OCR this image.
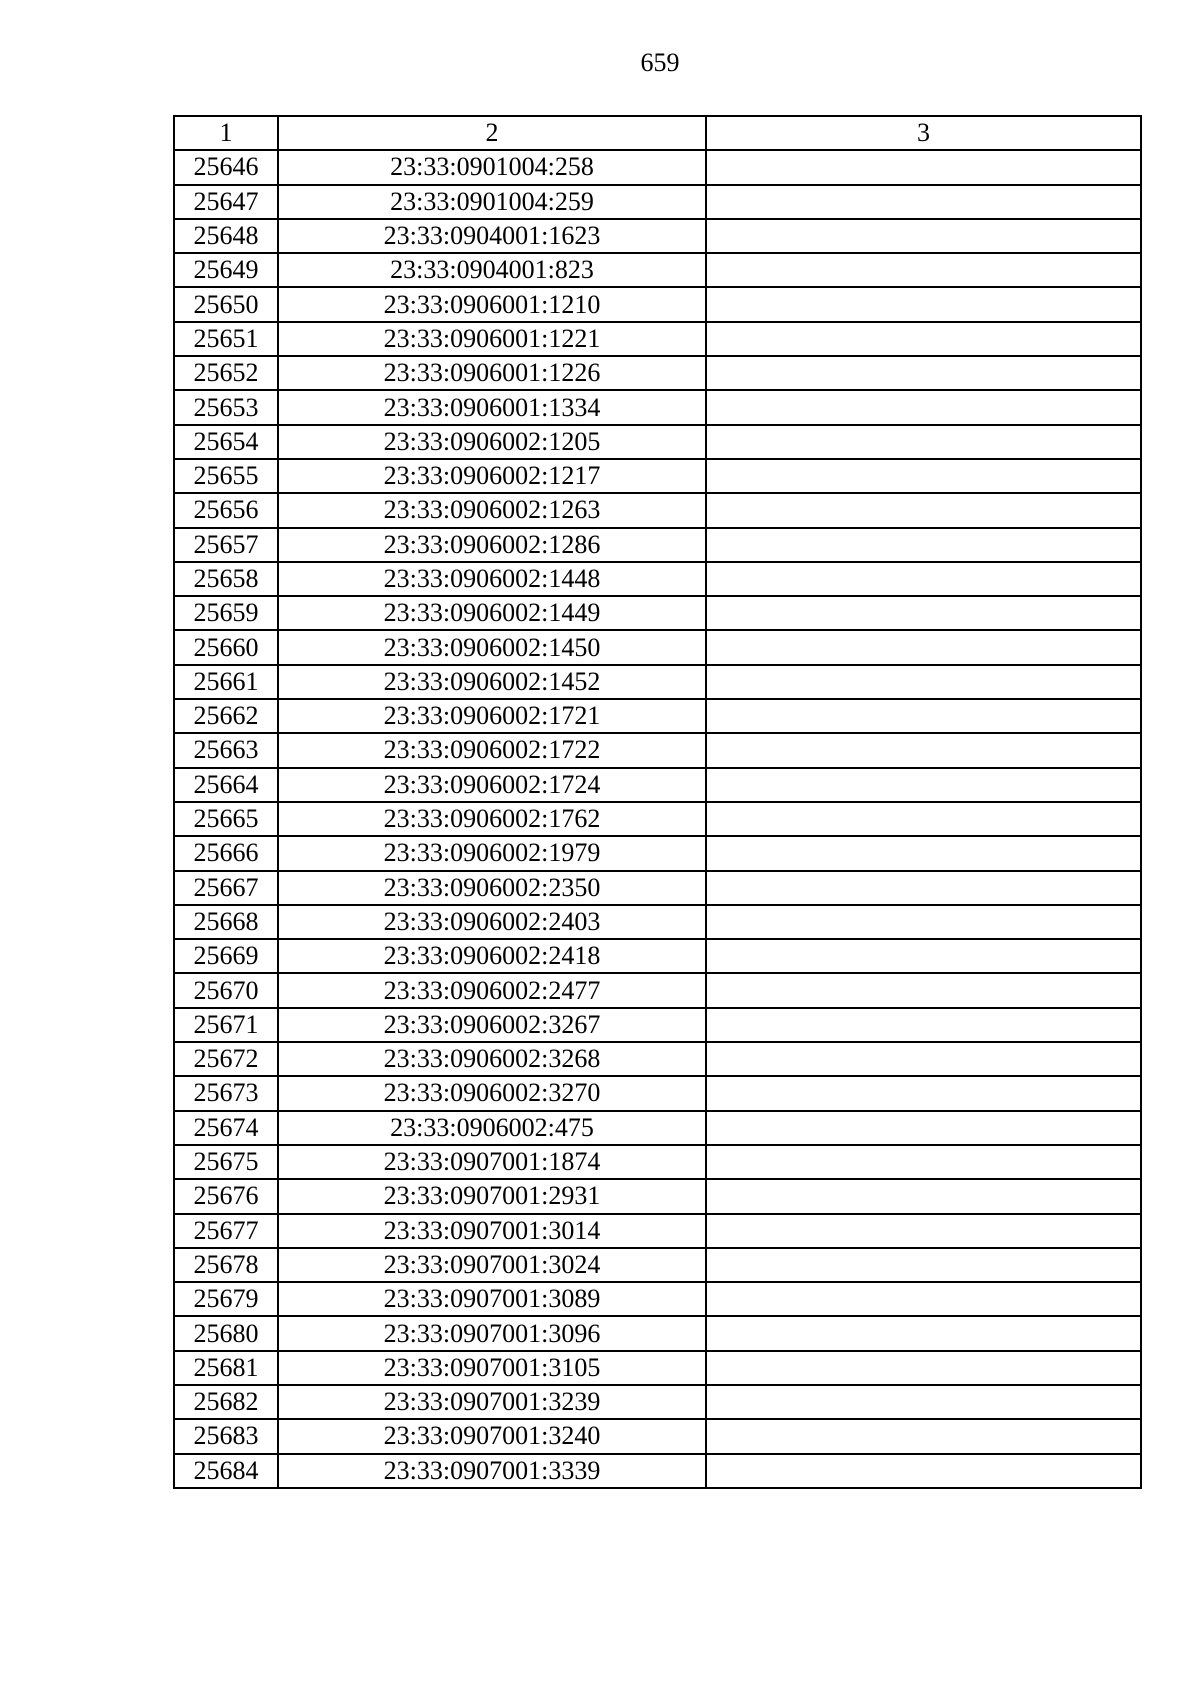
659
1	2	3
25646	23:33:0901004:258	
25647	23:33:0901004:259	
25648	23:33:0904001:1623	
25649	23:33:0904001:823	
25650	23:33:0906001:1210	
25651	23:33:0906001:1221	
25652	23:33:0906001:1226	
25653	23:33:0906001:1334	
25654	23:33:0906002:1205	
25655	23:33:0906002:1217	
25656	23:33:0906002:1263	
25657	23:33:0906002:1286	
25658	23:33:0906002:1448	
25659	23:33:0906002:1449	
25660	23:33:0906002:1450	
25661	23:33:0906002:1452	
25662	23:33:0906002:1721	
25663	23:33:0906002:1722	
25664	23:33:0906002:1724	
25665	23:33:0906002:1762	
25666	23:33:0906002:1979	
25667	23:33:0906002:2350	
25668	23:33:0906002:2403	
25669	23:33:0906002:2418	
25670	23:33:0906002:2477	
25671	23:33:0906002:3267	
25672	23:33:0906002:3268	
25673	23:33:0906002:3270	
25674	23:33:0906002:475	
25675	23:33:0907001:1874	
25676	23:33:0907001:2931	
25677	23:33:0907001:3014	
25678	23:33:0907001:3024	
25679	23:33:0907001:3089	
25680	23:33:0907001:3096	
25681	23:33:0907001:3105	
25682	23:33:0907001:3239	
25683	23:33:0907001:3240	
25684	23:33:0907001:3339	
